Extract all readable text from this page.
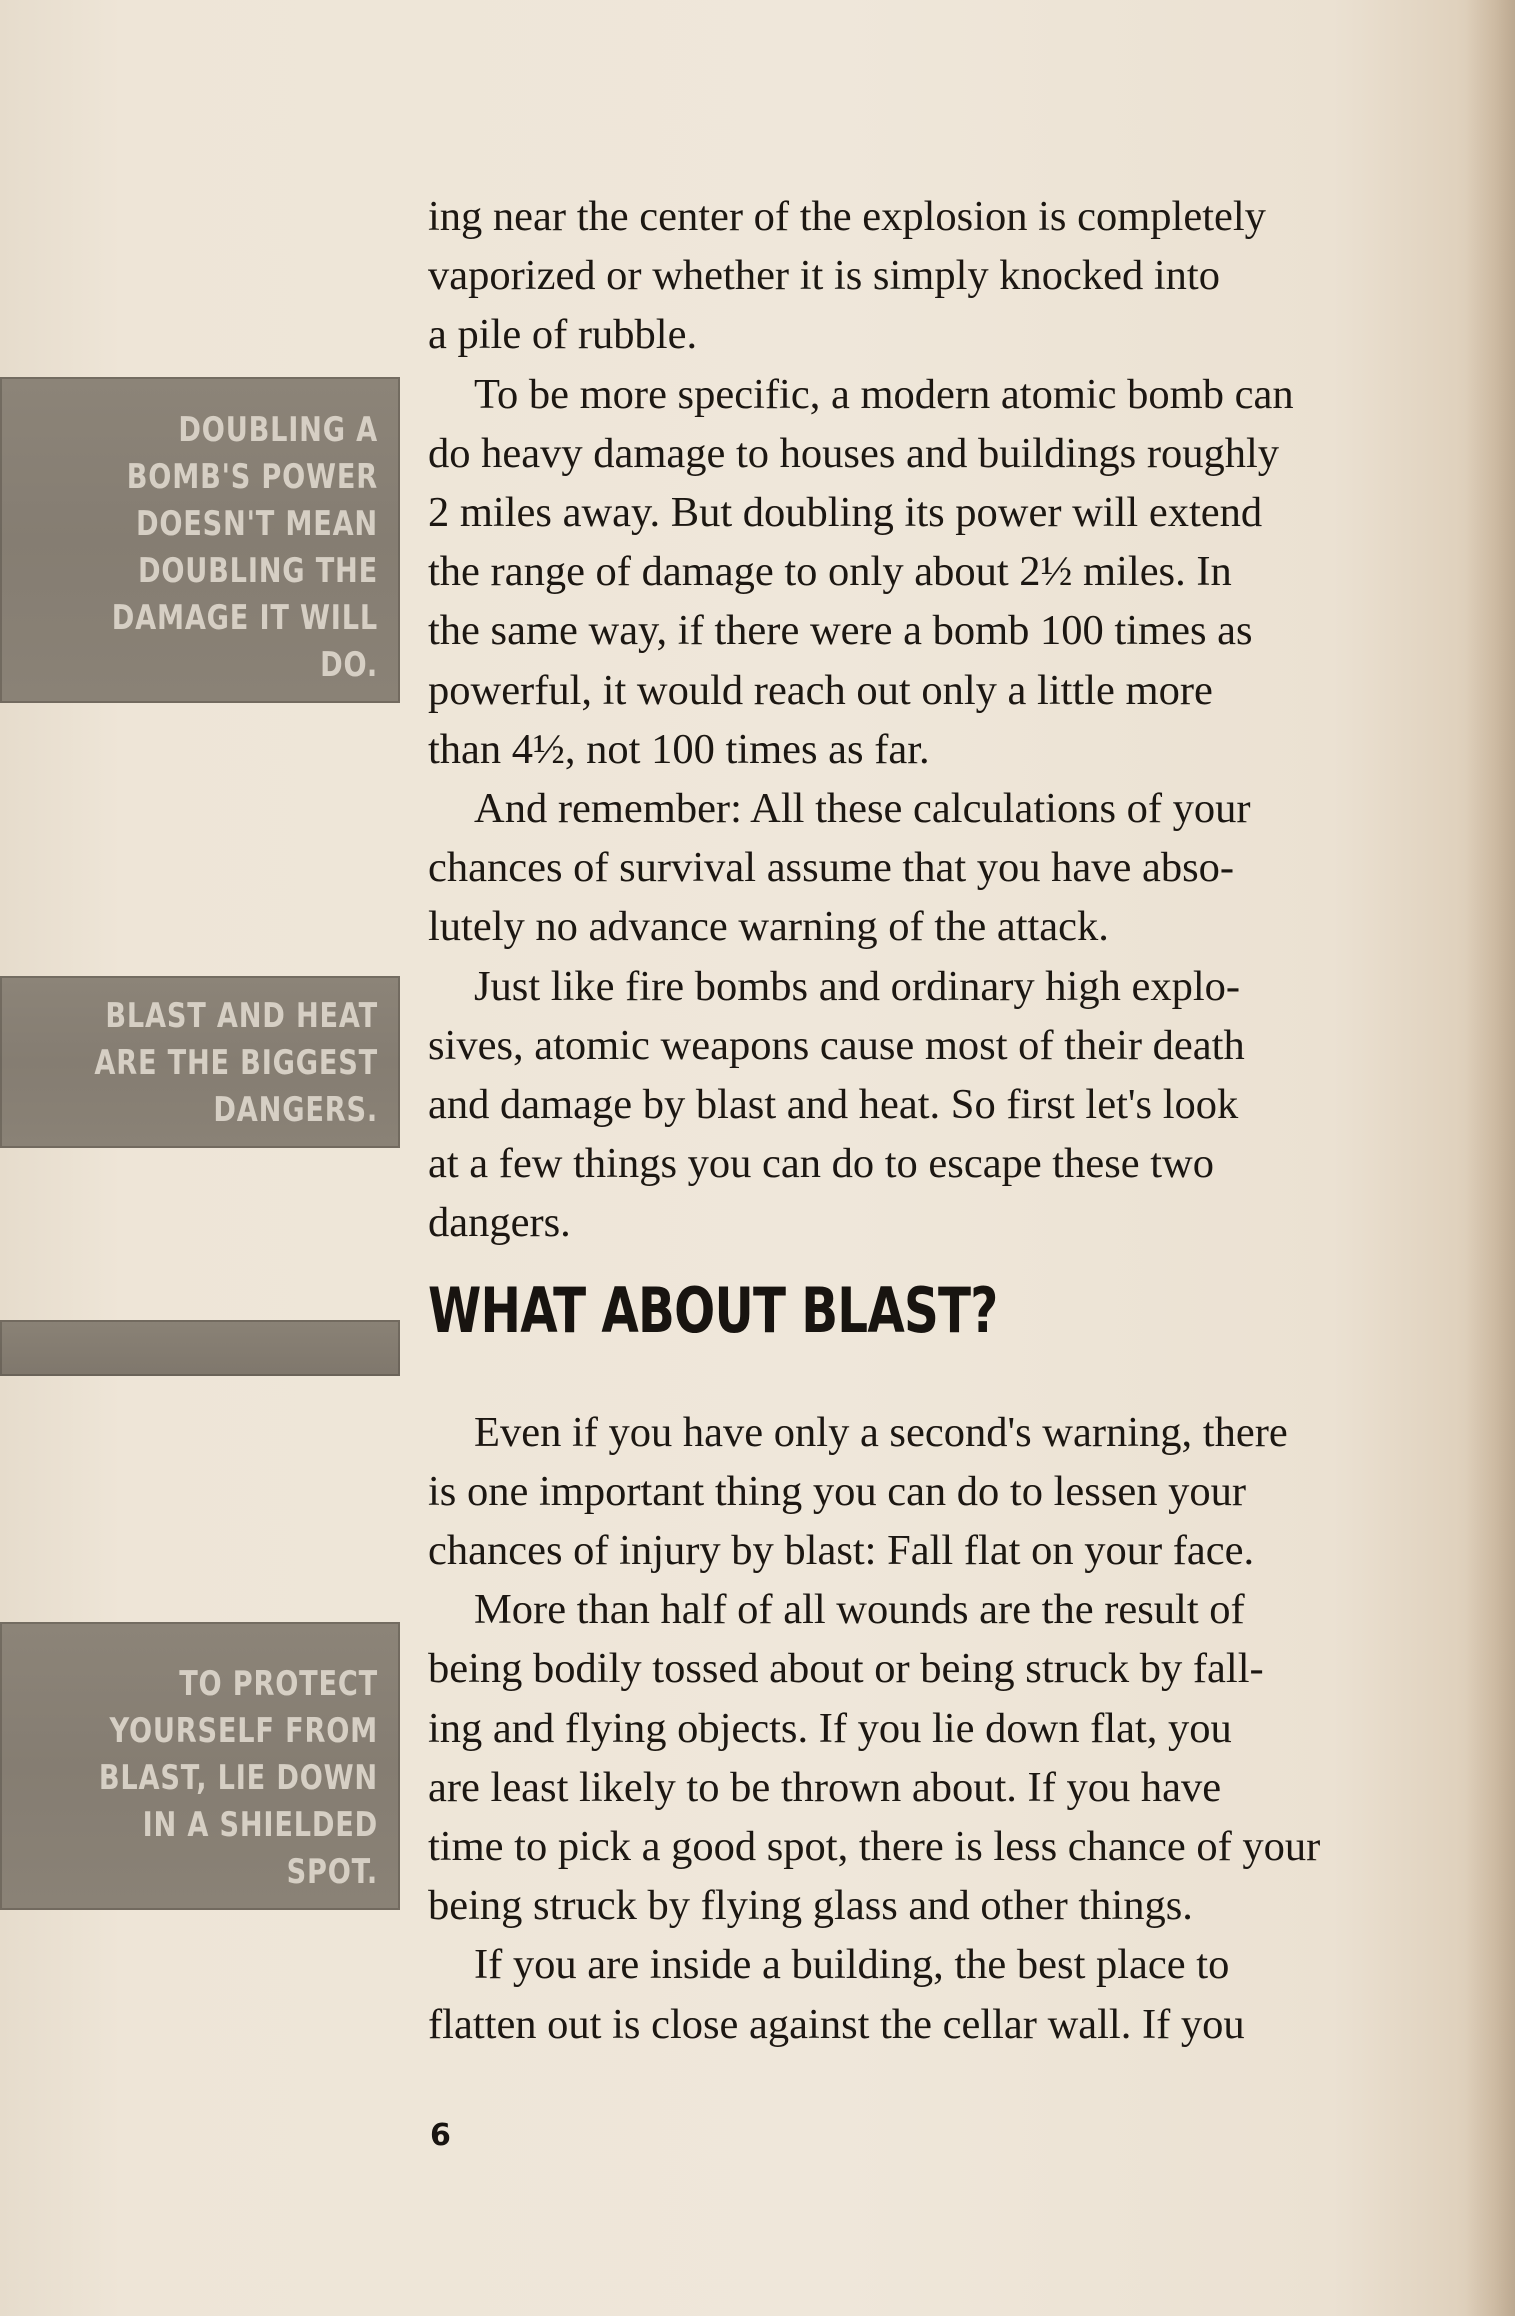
DOUBLING A
BOMB'S POWER
DOESN'T MEAN
DOUBLING THE
DAMAGE IT WILL
DO.
BLAST AND HEAT
ARE THE BIGGEST
DANGERS.
TO PROTECT
YOURSELF FROM
BLAST, LIE DOWN
IN A SHIELDED
SPOT.

ing near the center of the explosion is completely
vaporized or whether it is simply knocked into
a pile of rubble.

To be more specific, a modern atomic bomb can
do heavy damage to houses and buildings roughly
2 miles away. But doubling its power will extend
the range of damage to only about 2½ miles. In
the same way, if there were a bomb 100 times as
powerful, it would reach out only a little more
than 4½, not 100 times as far.

And remember: All these calculations of your
chances of survival assume that you have abso-
lutely no advance warning of the attack.

Just like fire bombs and ordinary high explo-
sives, atomic weapons cause most of their death
and damage by blast and heat. So first let's look
at a few things you can do to escape these two
dangers.

WHAT ABOUT BLAST?

Even if you have only a second's warning, there
is one important thing you can do to lessen your
chances of injury by blast: Fall flat on your face.

More than half of all wounds are the result of
being bodily tossed about or being struck by fall-
ing and flying objects. If you lie down flat, you
are least likely to be thrown about. If you have
time to pick a good spot, there is less chance of your
being struck by flying glass and other things.

If you are inside a building, the best place to
flatten out is close against the cellar wall. If you

6
